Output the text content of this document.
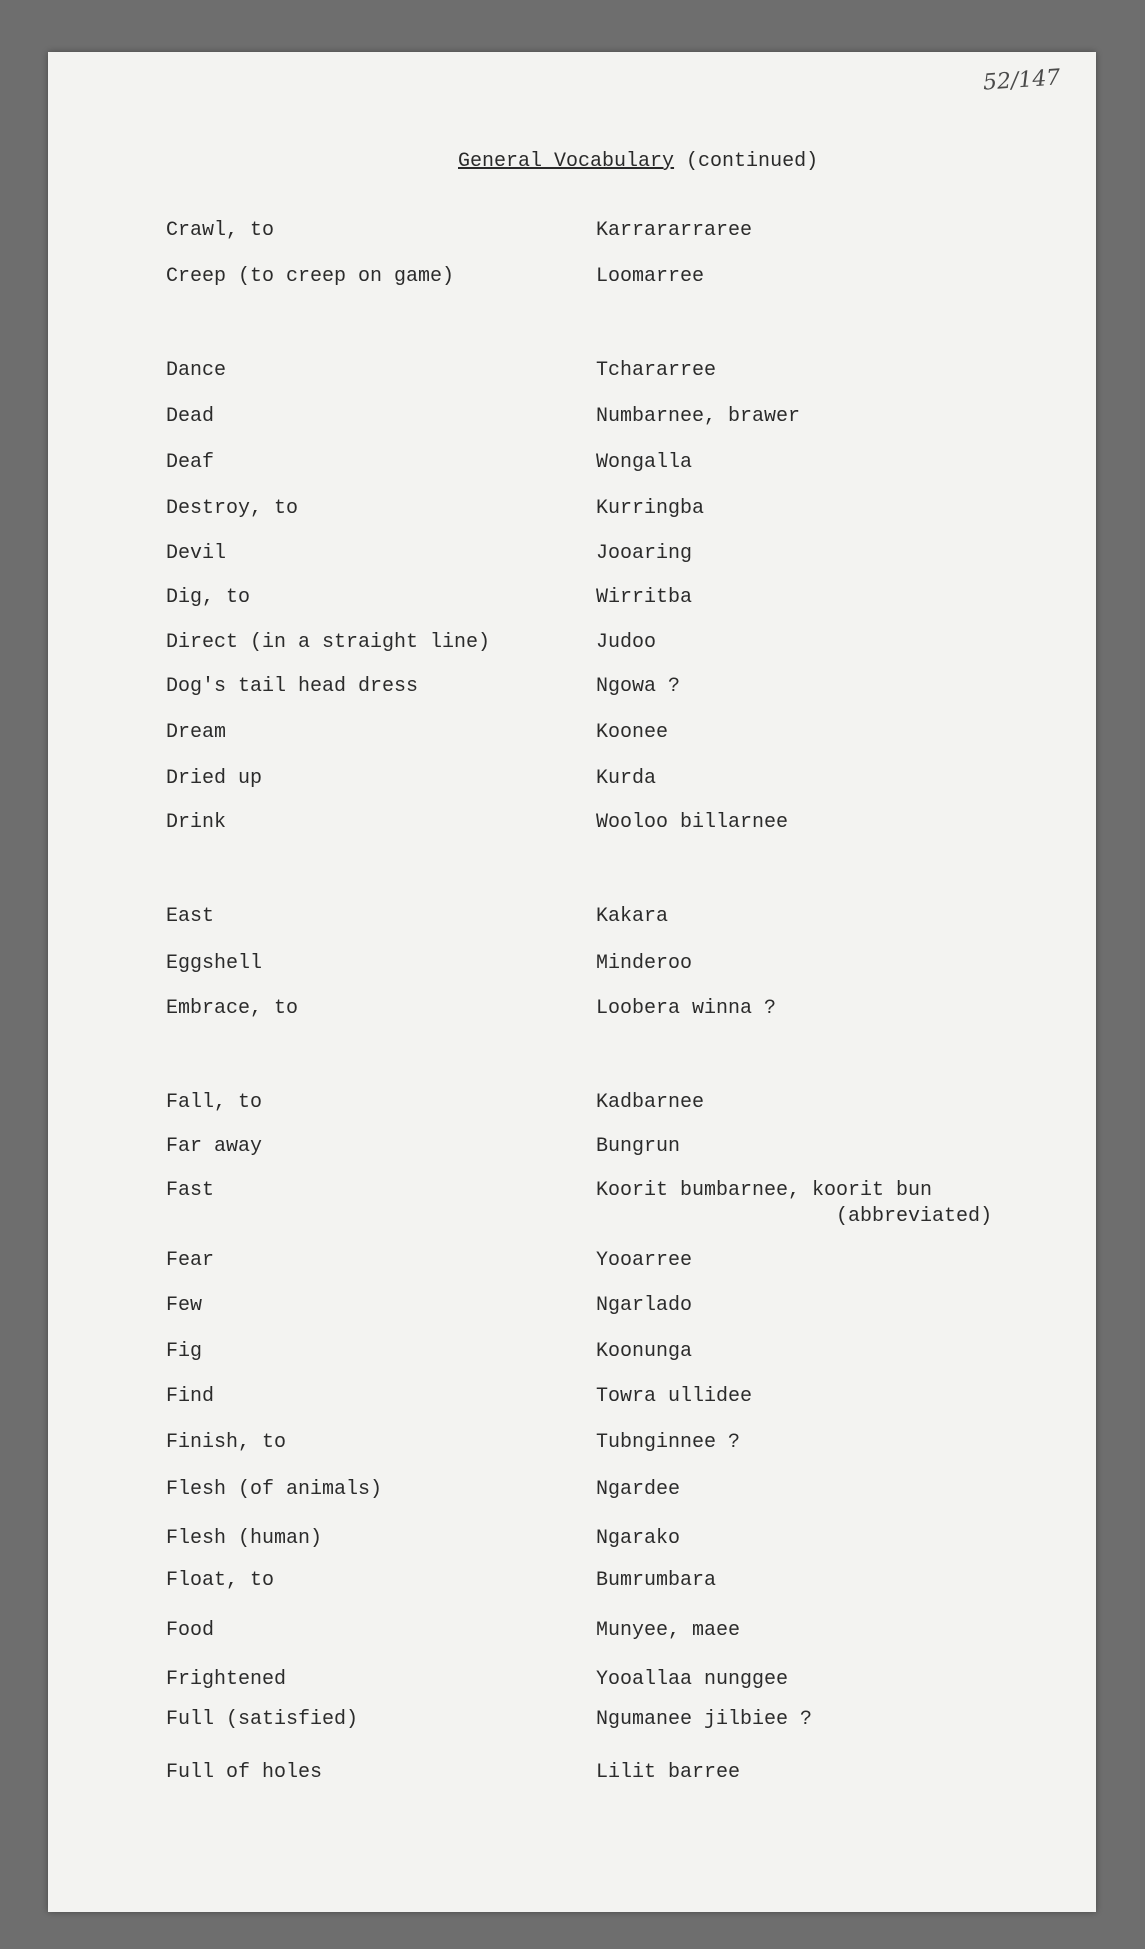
52/147
General Vocabulary (continued)
Crawl, to	Karrararraree
Creep (to creep on game)	Loomarree
Dance	Tcharar​ree
Dead	Numbarnee, brawer
Deaf	Wongalla
Destroy, to	Kurringba
Devil	Jooaring
Dig, to	Wirritba
Direct (in a straight line)	Judoo
Dog's tail head dress	Ngowa ?
Dream	Koonee
Dried up	Kurda
Drink	Wooloo billarnee
East	Kakara
Eggshell	Minderoo
Embrace, to	Loobera winna ?
Fall, to	Kadbarnee
Far away	Bungrun
Fast	Koorit bumbarnee, koorit bun
(abbreviated)
Fear	Yooarree
Few	Ngarlado
Fig	Koonunga
Find	Towra ullidee
Finish, to	Tubnginnee ?
Flesh (of animals)	Ngardee
Flesh (human)	Ngarako
Float, to	Bumrumbara
Food	Munyee, maee
Frightened	Yooallaa nunggee
Full (satisfied)	Ngumanee jilbiee ?
Full of holes	Lilit barree
